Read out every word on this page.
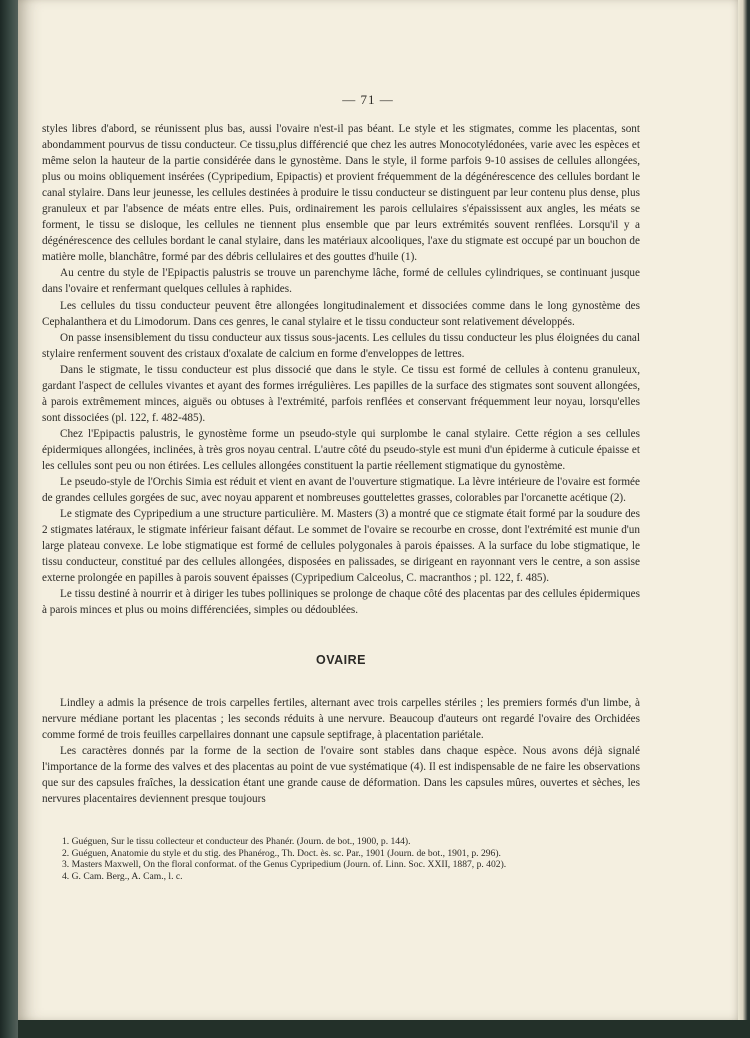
— 71 —

styles libres d'abord, se réunissent plus bas, aussi l'ovaire n'est-il pas béant. Le style et les stigmates, comme les placentas, sont abondamment pourvus de tissu conducteur. Ce tissu,plus différencié que chez les autres Monocotylédonées, varie avec les espèces et même selon la hauteur de la partie considérée dans le gynostème. Dans le style, il forme parfois 9-10 assises de cellules allongées, plus ou moins obliquement insérées (Cypripedium, Epipactis) et provient fréquemment de la dégénérescence des cellules bordant le canal stylaire. Dans leur jeunesse, les cellules destinées à produire le tissu conducteur se distinguent par leur contenu plus dense, plus granuleux et par l'absence de méats entre elles. Puis, ordinairement les parois cellulaires s'épaississent aux angles, les méats se forment, le tissu se disloque, les cellules ne tiennent plus ensemble que par leurs extrémités souvent renflées. Lorsqu'il y a dégénérescence des cellules bordant le canal stylaire, dans les matériaux alcooliques, l'axe du stigmate est occupé par un bouchon de matière molle, blanchâtre, formé par des débris cellulaires et des gouttes d'huile (1).

Au centre du style de l'Epipactis palustris se trouve un parenchyme lâche, formé de cellules cylindriques, se continuant jusque dans l'ovaire et renfermant quelques cellules à raphides.

Les cellules du tissu conducteur peuvent être allongées longitudinalement et dissociées comme dans le long gynostème des Cephalanthera et du Limodorum. Dans ces genres, le canal stylaire et le tissu conducteur sont relativement développés.

On passe insensiblement du tissu conducteur aux tissus sous-jacents. Les cellules du tissu conducteur les plus éloignées du canal stylaire renferment souvent des cristaux d'oxalate de calcium en forme d'enveloppes de lettres.

Dans le stigmate, le tissu conducteur est plus dissocié que dans le style. Ce tissu est formé de cellules à contenu granuleux, gardant l'aspect de cellules vivantes et ayant des formes irrégulières. Les papilles de la surface des stigmates sont souvent allongées, à parois extrêmement minces, aiguës ou obtuses à l'extrémité, parfois renflées et conservant fréquemment leur noyau, lorsqu'elles sont dissociées (pl. 122, f. 482-485).

Chez l'Epipactis palustris, le gynostème forme un pseudo-style qui surplombe le canal stylaire. Cette région a ses cellules épidermiques allongées, inclinées, à très gros noyau central. L'autre côté du pseudo-style est muni d'un épiderme à cuticule épaisse et les cellules sont peu ou non étirées. Les cellules allongées constituent la partie réellement stigmatique du gynostème.

Le pseudo-style de l'Orchis Simia est réduit et vient en avant de l'ouverture stigmatique. La lèvre intérieure de l'ovaire est formée de grandes cellules gorgées de suc, avec noyau apparent et nombreuses gouttelettes grasses, colorables par l'orcanette acétique (2).

Le stigmate des Cypripedium a une structure particulière. M. Masters (3) a montré que ce stigmate était formé par la soudure des 2 stigmates latéraux, le stigmate inférieur faisant défaut. Le sommet de l'ovaire se recourbe en crosse, dont l'extrémité est munie d'un large plateau convexe. Le lobe stigmatique est formé de cellules polygonales à parois épaisses. A la surface du lobe stigmatique, le tissu conducteur, constitué par des cellules allongées, disposées en palissades, se dirigeant en rayonnant vers le centre, a son assise externe prolongée en papilles à parois souvent épaisses (Cypripedium Calceolus, C. macranthos ; pl. 122, f. 485).

Le tissu destiné à nourrir et à diriger les tubes polliniques se prolonge de chaque côté des placentas par des cellules épidermiques à parois minces et plus ou moins différenciées, simples ou dédoublées.

OVAIRE

Lindley a admis la présence de trois carpelles fertiles, alternant avec trois carpelles stériles ; les premiers formés d'un limbe, à nervure médiane portant les placentas ; les seconds réduits à une nervure. Beaucoup d'auteurs ont regardé l'ovaire des Orchidées comme formé de trois feuilles carpellaires donnant une capsule septifrage, à placentation pariétale.

Les caractères donnés par la forme de la section de l'ovaire sont stables dans chaque espèce. Nous avons déjà signalé l'importance de la forme des valves et des placentas au point de vue systématique (4). Il est indispensable de ne faire les observations que sur des capsules fraîches, la dessication étant une grande cause de déformation. Dans les capsules mûres, ouvertes et sèches, les nervures placentaires deviennent presque toujours

1. Guéguen, Sur le tissu collecteur et conducteur des Phanér. (Journ. de bot., 1900, p. 144).

2. Guéguen, Anatomie du style et du stig. des Phanérog., Th. Doct. ès. sc. Par., 1901 (Journ. de bot., 1901, p. 296).

3. Masters Maxwell, On the floral conformat. of the Genus Cypripedium (Journ. of. Linn. Soc. XXII, 1887, p. 402).

4. G. Cam. Berg., A. Cam., l. c.
